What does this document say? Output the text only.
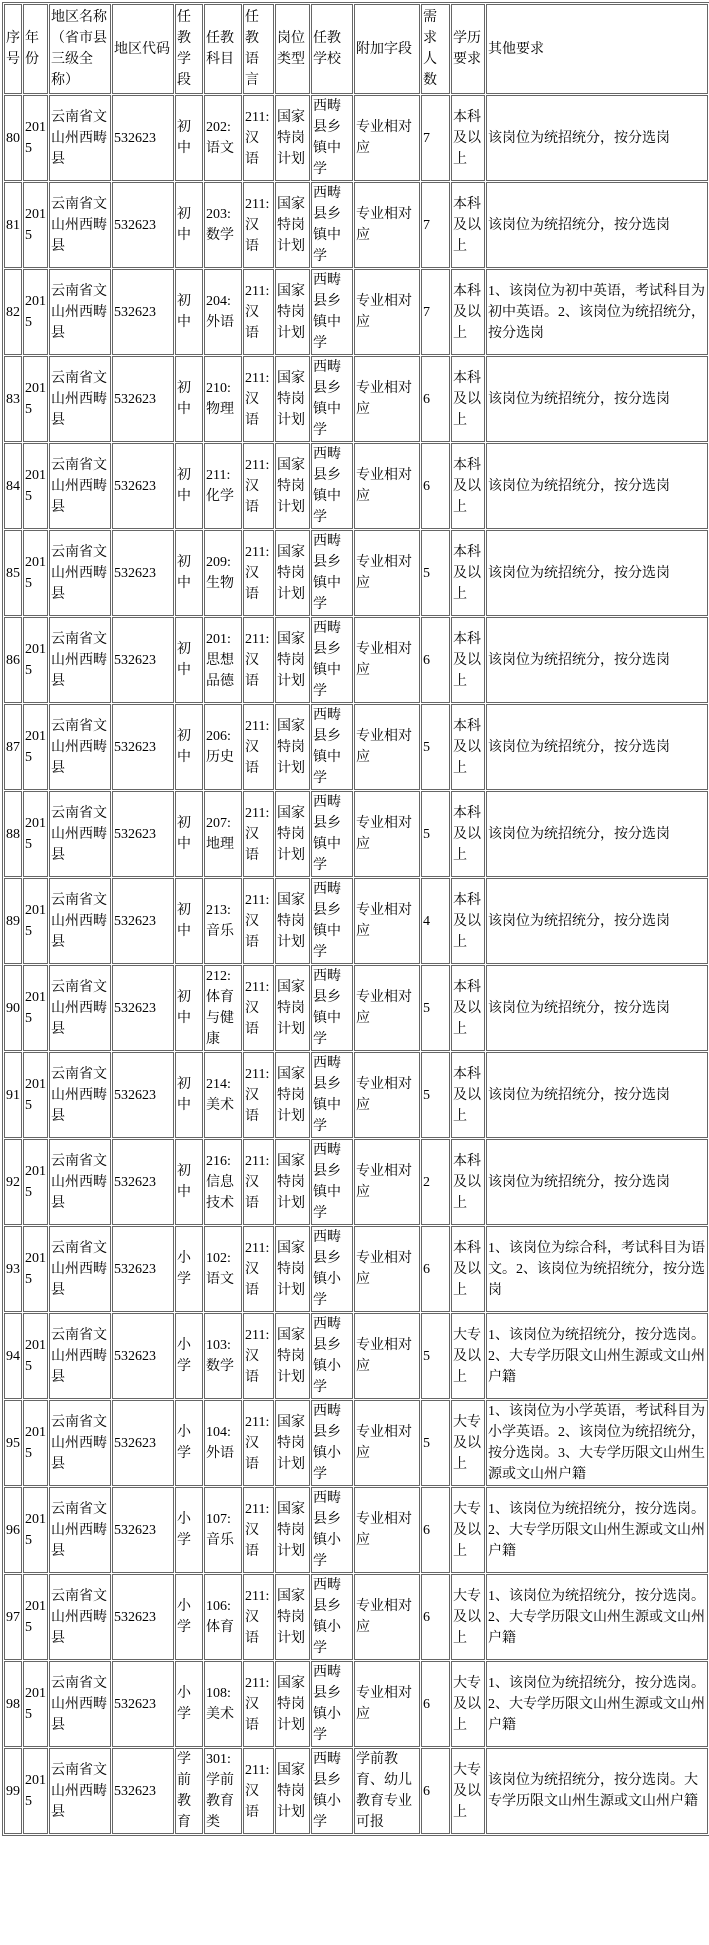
序号	年份	地区名称（省市县三级全称）	地区代码	任教学段	任教科目	任教语言	岗位类型	任教学校	附加字段	需求人数	学历要求	其他要求
80	2015	云南省文山州西畴县	532623	初中	202:语文	211:汉语	国家特岗计划	西畴县乡镇中学	专业相对应	7	本科及以上	该岗位为统招统分，按分选岗
81	2015	云南省文山州西畴县	532623	初中	203:数学	211:汉语	国家特岗计划	西畴县乡镇中学	专业相对应	7	本科及以上	该岗位为统招统分，按分选岗
82	2015	云南省文山州西畴县	532623	初中	204:外语	211:汉语	国家特岗计划	西畴县乡镇中学	专业相对应	7	本科及以上	1、该岗位为初中英语，考试科目为初中英语。2、该岗位为统招统分，按分选岗
83	2015	云南省文山州西畴县	532623	初中	210:物理	211:汉语	国家特岗计划	西畴县乡镇中学	专业相对应	6	本科及以上	该岗位为统招统分，按分选岗
84	2015	云南省文山州西畴县	532623	初中	211:化学	211:汉语	国家特岗计划	西畴县乡镇中学	专业相对应	6	本科及以上	该岗位为统招统分，按分选岗
85	2015	云南省文山州西畴县	532623	初中	209:生物	211:汉语	国家特岗计划	西畴县乡镇中学	专业相对应	5	本科及以上	该岗位为统招统分，按分选岗
86	2015	云南省文山州西畴县	532623	初中	201:思想品德	211:汉语	国家特岗计划	西畴县乡镇中学	专业相对应	6	本科及以上	该岗位为统招统分，按分选岗
87	2015	云南省文山州西畴县	532623	初中	206:历史	211:汉语	国家特岗计划	西畴县乡镇中学	专业相对应	5	本科及以上	该岗位为统招统分，按分选岗
88	2015	云南省文山州西畴县	532623	初中	207:地理	211:汉语	国家特岗计划	西畴县乡镇中学	专业相对应	5	本科及以上	该岗位为统招统分，按分选岗
89	2015	云南省文山州西畴县	532623	初中	213:音乐	211:汉语	国家特岗计划	西畴县乡镇中学	专业相对应	4	本科及以上	该岗位为统招统分，按分选岗
90	2015	云南省文山州西畴县	532623	初中	212:体育与健康	211:汉语	国家特岗计划	西畴县乡镇中学	专业相对应	5	本科及以上	该岗位为统招统分，按分选岗
91	2015	云南省文山州西畴县	532623	初中	214:美术	211:汉语	国家特岗计划	西畴县乡镇中学	专业相对应	5	本科及以上	该岗位为统招统分，按分选岗
92	2015	云南省文山州西畴县	532623	初中	216:信息技术	211:汉语	国家特岗计划	西畴县乡镇中学	专业相对应	2	本科及以上	该岗位为统招统分，按分选岗
93	2015	云南省文山州西畴县	532623	小学	102:语文	211:汉语	国家特岗计划	西畴县乡镇小学	专业相对应	6	本科及以上	1、该岗位为综合科，考试科目为语文。2、该岗位为统招统分，按分选岗
94	2015	云南省文山州西畴县	532623	小学	103:数学	211:汉语	国家特岗计划	西畴县乡镇小学	专业相对应	5	大专及以上	1、该岗位为统招统分，按分选岗。2、大专学历限文山州生源或文山州户籍
95	2015	云南省文山州西畴县	532623	小学	104:外语	211:汉语	国家特岗计划	西畴县乡镇小学	专业相对应	5	大专及以上	1、该岗位为小学英语，考试科目为小学英语。2、该岗位为统招统分，按分选岗。3、大专学历限文山州生源或文山州户籍
96	2015	云南省文山州西畴县	532623	小学	107:音乐	211:汉语	国家特岗计划	西畴县乡镇小学	专业相对应	6	大专及以上	1、该岗位为统招统分，按分选岗。2、大专学历限文山州生源或文山州户籍
97	2015	云南省文山州西畴县	532623	小学	106:体育	211:汉语	国家特岗计划	西畴县乡镇小学	专业相对应	6	大专及以上	1、该岗位为统招统分，按分选岗。2、大专学历限文山州生源或文山州户籍
98	2015	云南省文山州西畴县	532623	小学	108:美术	211:汉语	国家特岗计划	西畴县乡镇小学	专业相对应	6	大专及以上	1、该岗位为统招统分，按分选岗。2、大专学历限文山州生源或文山州户籍
99	2015	云南省文山州西畴县	532623	学前教育	301:学前教育类	211:汉语	国家特岗计划	西畴县乡镇小学	学前教育、幼儿教育专业可报	6	大专及以上	该岗位为统招统分，按分选岗。大专学历限文山州生源或文山州户籍
